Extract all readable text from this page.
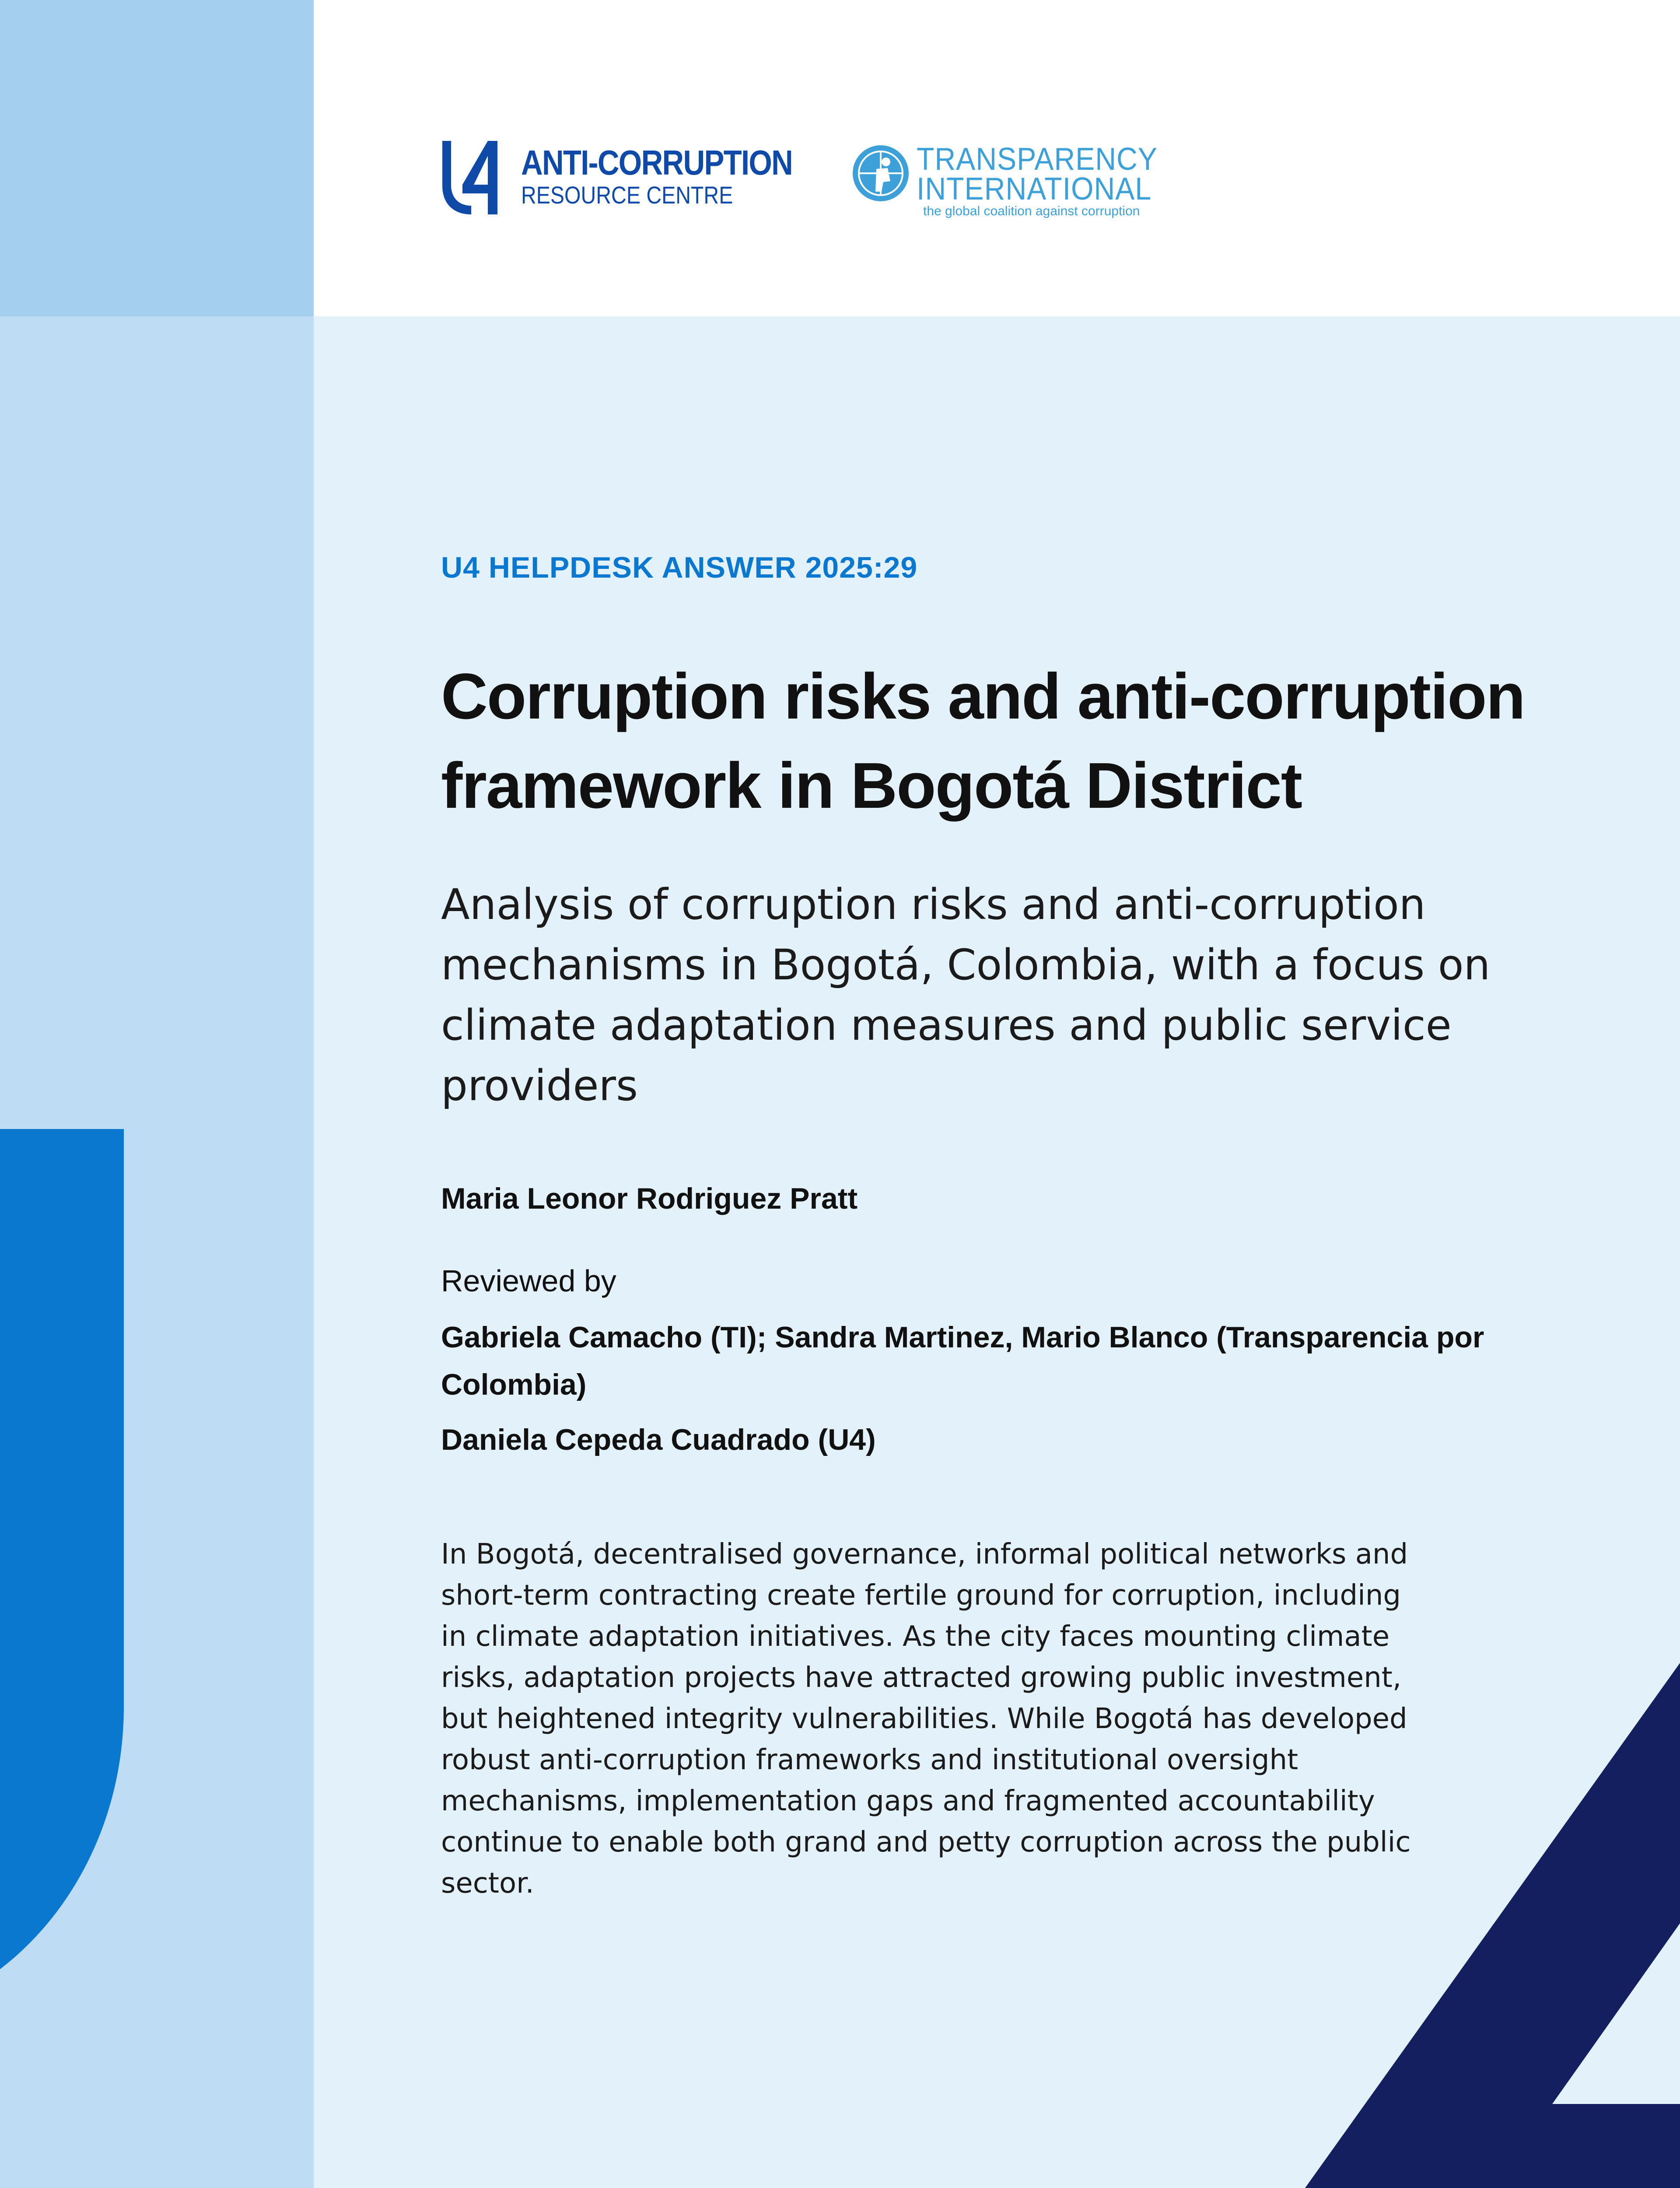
ANTI-CORRUPTION
RESOURCE CENTRE
TRANSPARENCY
INTERNATIONAL
the global coalition against corruption
U4 HELPDESK ANSWER 2025:29
Corruption risks and anti-corruption framework in Bogotá District

Analysis of corruption risks and anti-corruption mechanisms in Bogotá, Colombia, with a focus on climate adaptation measures and public service providers

Maria Leonor Rodriguez Pratt
Reviewed by

Gabriela Camacho (TI); Sandra Martinez, Mario Blanco (Transparencia por Colombia)

Daniela Cepeda Cuadrado (U4)

In Bogotá, decentralised governance, informal political networks and short-term contracting create fertile ground for corruption, including in climate adaptation initiatives. As the city faces mounting climate risks, adaptation projects have attracted growing public investment, but heightened integrity vulnerabilities. While Bogotá has developed robust anti-corruption frameworks and institutional oversight mechanisms, implementation gaps and fragmented accountability continue to enable both grand and petty corruption across the public sector.
